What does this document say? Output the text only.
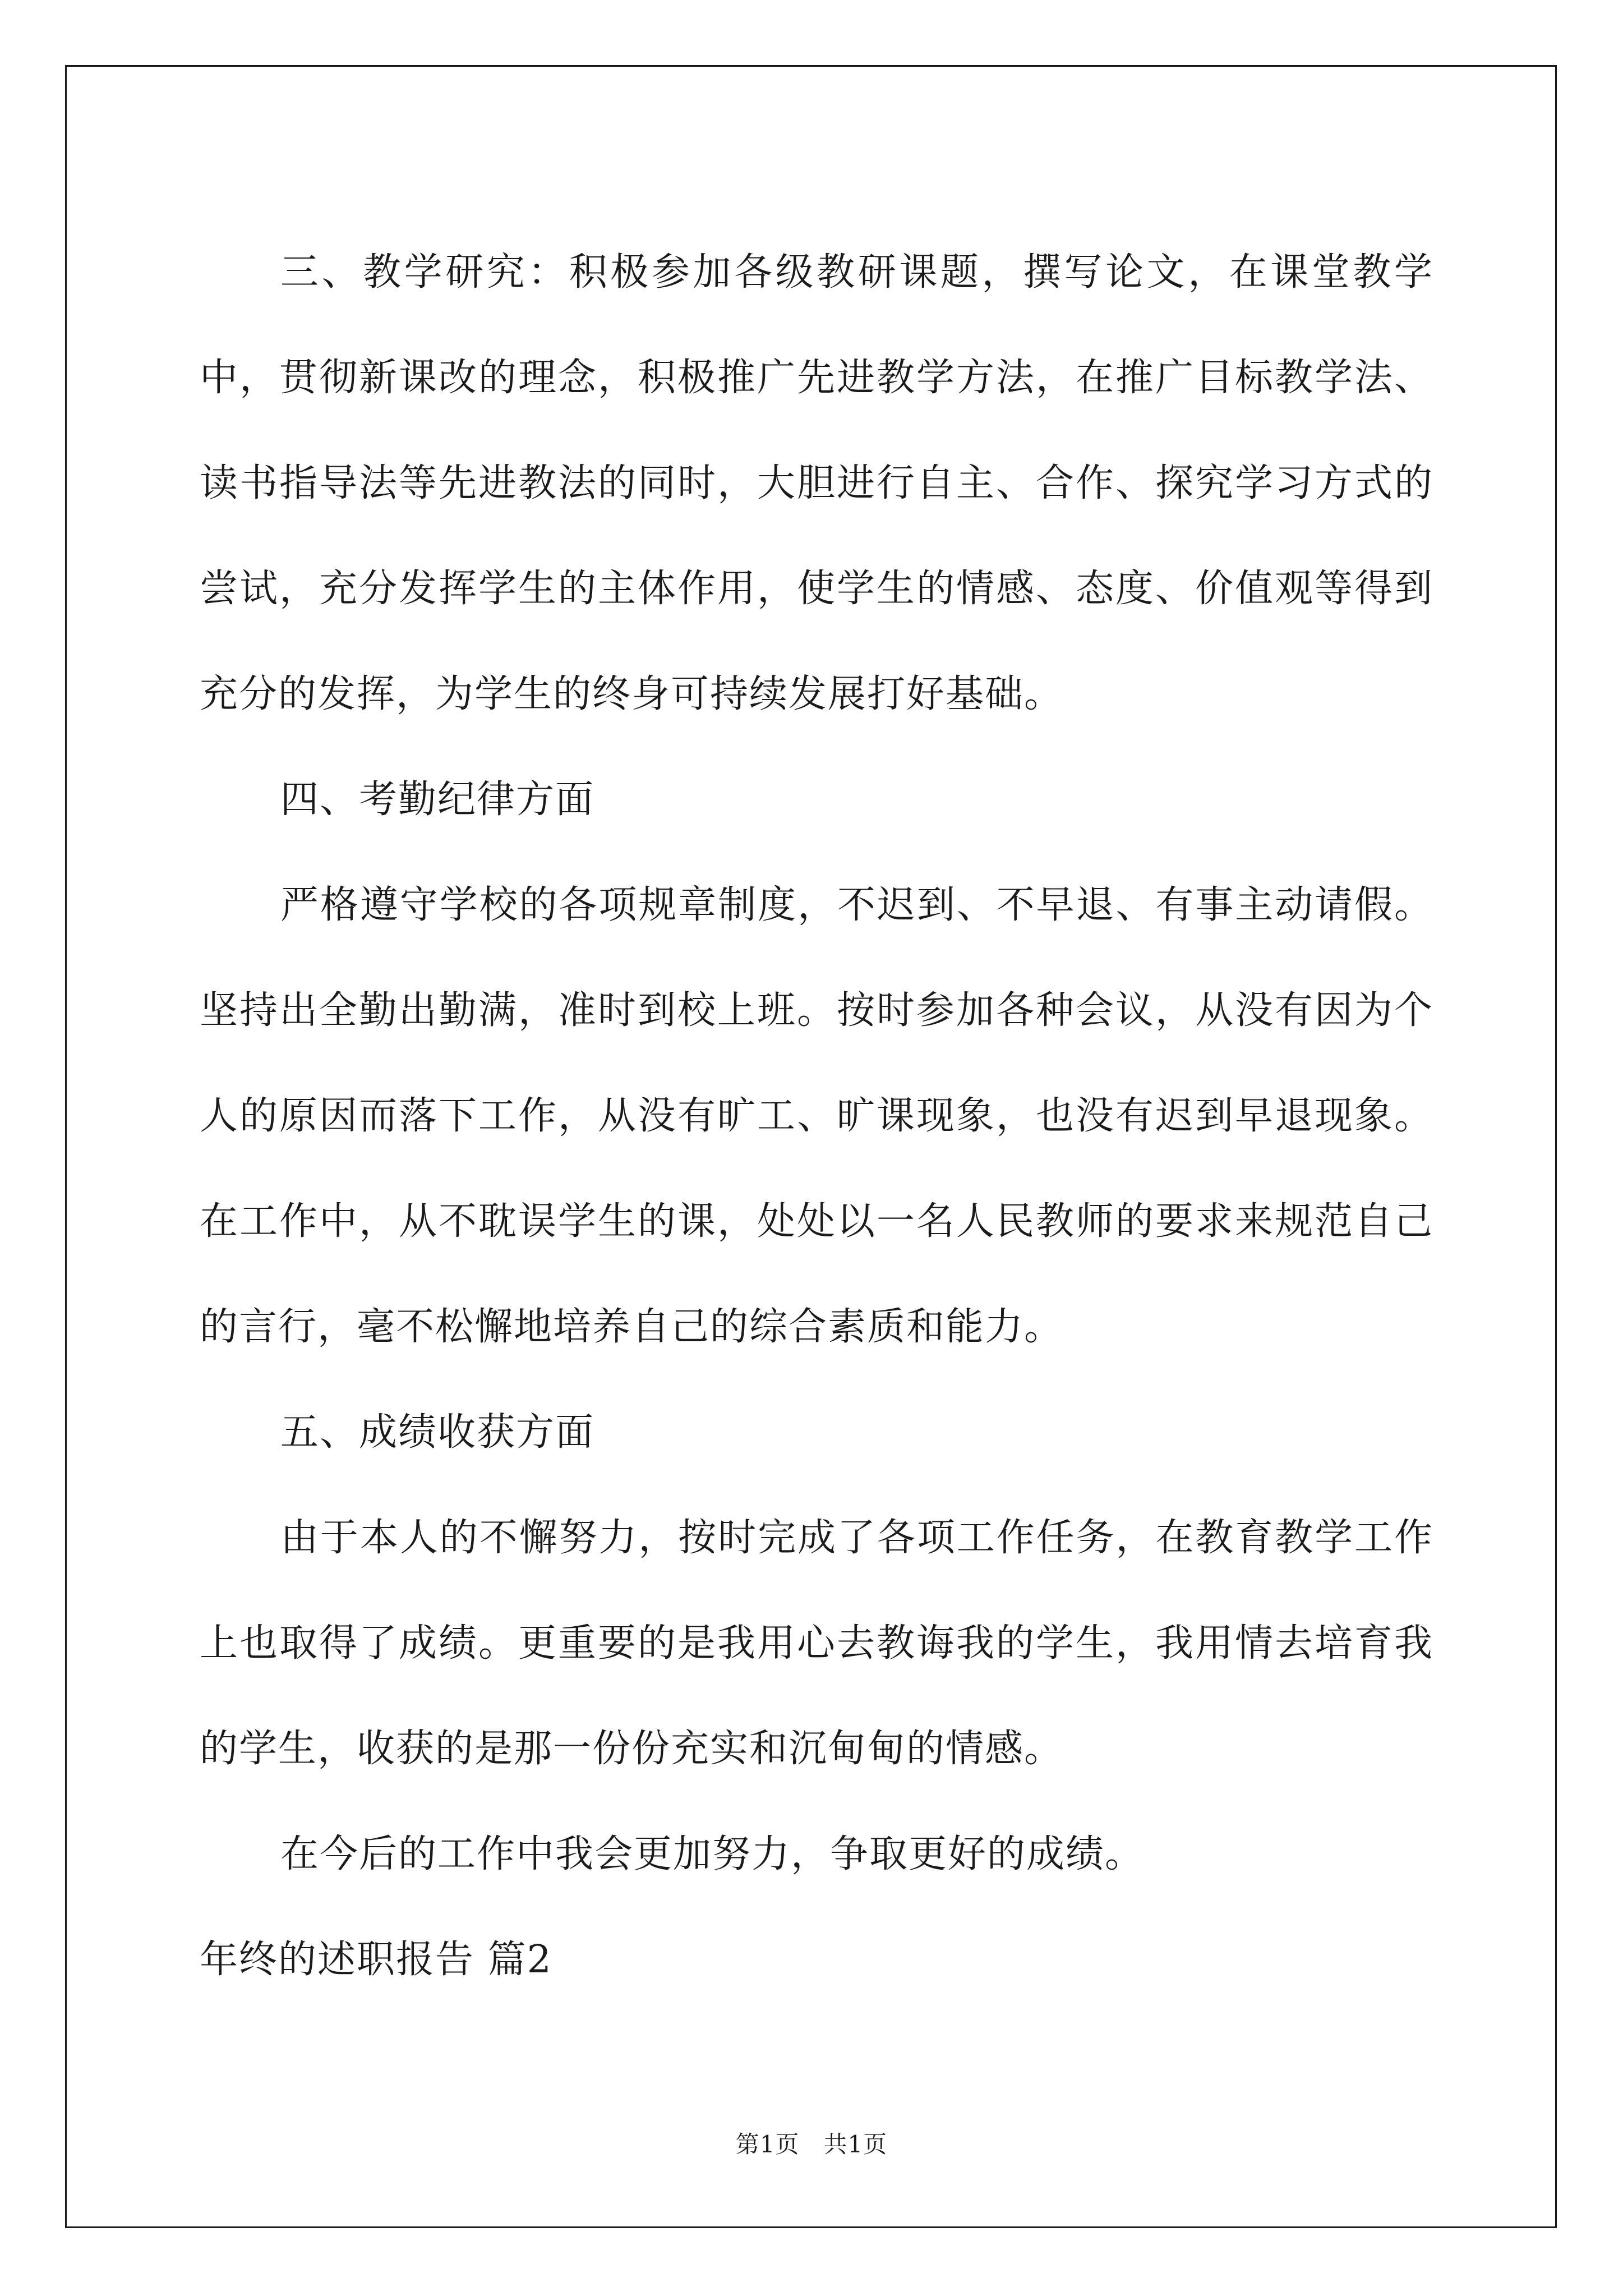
三、教学研究：积极参加各级教研课题，撰写论文，在课堂教学中，贯彻新课改的理念，积极推广先进教学方法，在推广目标教学法、读书指导法等先进教法的同时，大胆进行自主、合作、探究学习方式的尝试，充分发挥学生的主体作用，使学生的情感、态度、价值观等得到充分的发挥，为学生的终身可持续发展打好基础。

四、考勤纪律方面

严格遵守学校的各项规章制度，不迟到、不早退、有事主动请假。坚持出全勤出勤满，准时到校上班。按时参加各种会议，从没有因为个人的原因而落下工作，从没有旷工、旷课现象，也没有迟到早退现象。在工作中，从不耽误学生的课，处处以一名人民教师的要求来规范自己的言行，毫不松懈地培养自己的综合素质和能力。

五、成绩收获方面

由于本人的不懈努力，按时完成了各项工作任务，在教育教学工作上也取得了成绩。更重要的是我用心去教诲我的学生，我用情去培育我的学生，收获的是那一份份充实和沉甸甸的情感。

在今后的工作中我会更加努力，争取更好的成绩。

年终的述职报告 篇2

第1页　共1页
